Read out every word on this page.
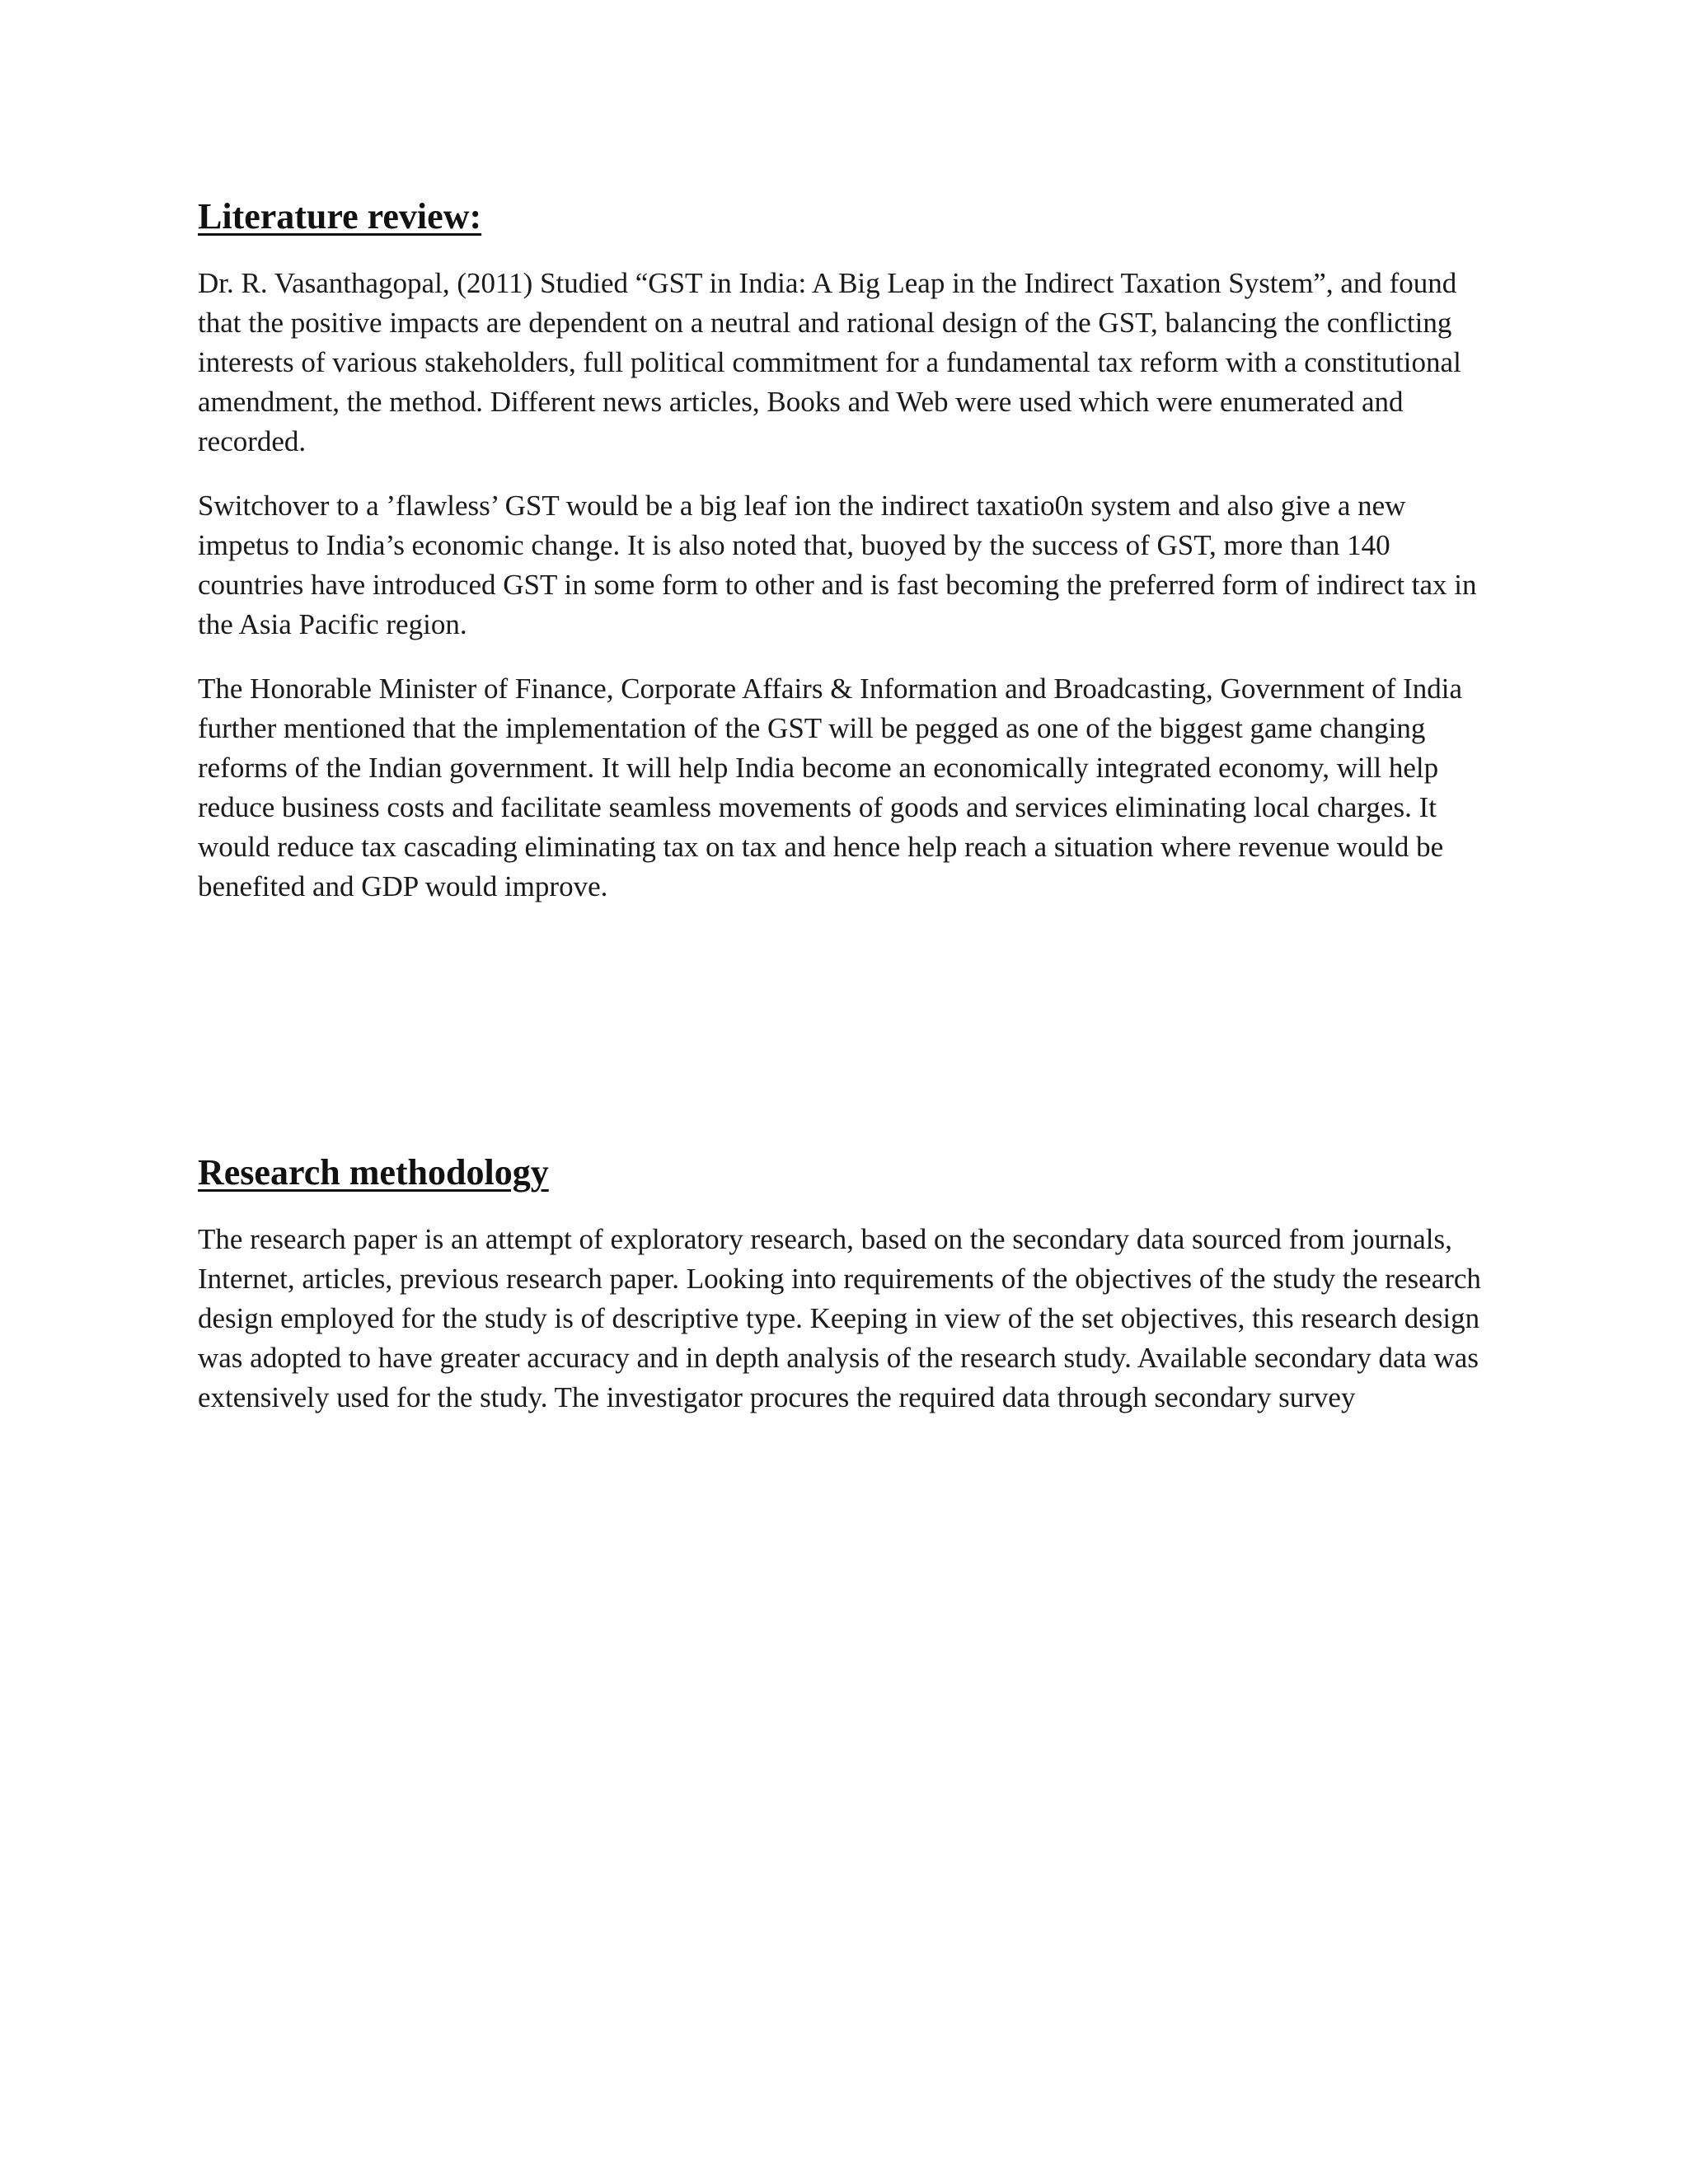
Literature review:

Dr. R. Vasanthagopal, (2011) Studied “GST in India: A Big Leap in the Indirect Taxation System”, and found that the positive impacts are dependent on a neutral and rational design of the GST, balancing the conflicting interests of various stakeholders, full political commitment for a fundamental tax reform with a constitutional amendment, the method. Different news articles, Books and Web were used which were enumerated and recorded.

Switchover to a ’flawless’ GST would be a big leaf ion the indirect taxatio0n system and also give a new impetus to India’s economic change. It is also noted that, buoyed by the success of GST, more than 140 countries have introduced GST in some form to other and is fast becoming the preferred form of indirect tax in the Asia Pacific region.

The Honorable Minister of Finance, Corporate Affairs & Information and Broadcasting, Government of India further mentioned that the implementation of the GST will be pegged as one of the biggest game changing reforms of the Indian government. It will help India become an economically integrated economy, will help reduce business costs and facilitate seamless movements of goods and services eliminating local charges. It would reduce tax cascading eliminating tax on tax and hence help reach a situation where revenue would be benefited and GDP would improve.

Research methodology

The research paper is an attempt of exploratory research, based on the secondary data sourced from journals, Internet, articles, previous research paper. Looking into requirements of the objectives of the study the research design employed for the study is of descriptive type. Keeping in view of the set objectives, this research design was adopted to have greater accuracy and in depth analysis of the research study. Available secondary data was extensively used for the study. The investigator procures the required data through secondary survey
